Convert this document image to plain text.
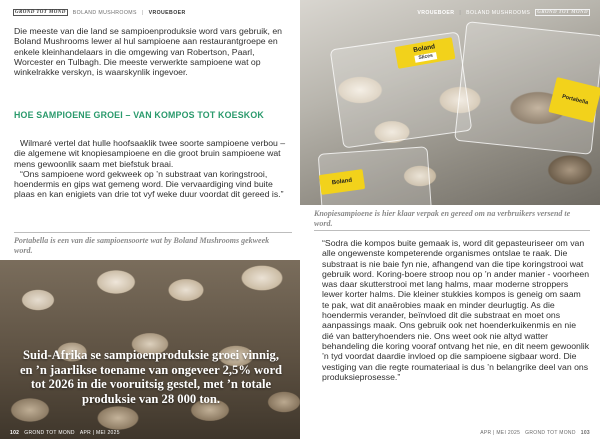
GROND TOT MOND	BOLAND MUSHROOMS | VROUEBOER

Die meeste van die land se sampioenproduksie word vars gebruik, en Boland Mushrooms lewer al hul sampioene aan restaurantgroepe en enkele kleinhandelaars in die omgewing van Robertson, Paarl, Worcester en Tulbagh. Die meeste verwerkte sampioene wat op winkelrakke verskyn, is waarskynlik ingevoer.

HOE SAMPIOENE GROEI – VAN KOMPOS TOT KOESKOK

Wilmaré vertel dat hulle hoofsaaklik twee soorte sampioene verbou – die algemene wit knopiesampioene en die groot bruin sampioene wat mens gewoonlik saam met biefstuk braai.

“Ons sampioene word gekweek op ’n substraat van koringstrooi, hoendermis en gips wat gemeng word. Die vervaardiging vind buite plaas en kan enigiets van drie tot vyf weke duur voordat dit gereed is.”

Portabella is een van die sampioensoorte wat by Boland Mushrooms gekweek word.

Suid-Afrika se sampioenproduksie groei vinnig, en ’n jaarlikse toename van ongeveer 2,5% word tot 2026 in die vooruitsig gestel, met ’n totale produksie van 28 000 ton.

102 GROND TOT MOND APR | MEI 2025
Boland
Slices
Portabella
Boland
VROUEBOER | BOLAND MUSHROOMS	GROND TOT MOND

Knopiesampioene is hier klaar verpak en gereed om na verbruikers versend te word.

“Sodra die kompos buite gemaak is, word dit gepasteuriseer om van alle ongewenste kompeterende organismes ontslae te raak. Die substraat is nie baie fyn nie, afhangend van die tipe koringstrooi wat gebruik word. Koring-boere stroop nou op ’n ander manier - voorheen was daar skutterstrooi met lang halms, maar moderne stroppers lewer korter halms. Die kleiner stukkies kompos is geneig om saam te pak, wat dit anaërobies maak en minder deurlugtig. As die hoendermis verander, beïnvloed dit die substraat en moet ons aanpassings maak. Ons gebruik ook net hoenderkuikenmis en nie dié van batteryhoenders nie. Ons weet ook nie altyd watter behandeling die koring vooraf ontvang het nie, en dit neem gewoonlik ’n tyd voordat daardie invloed op die sampioene sigbaar word. Die vestiging van die regte roumateriaal is dus ’n belangrike deel van ons produksieprosesse.”

APR | MEI 2025 GROND TOT MOND 103
